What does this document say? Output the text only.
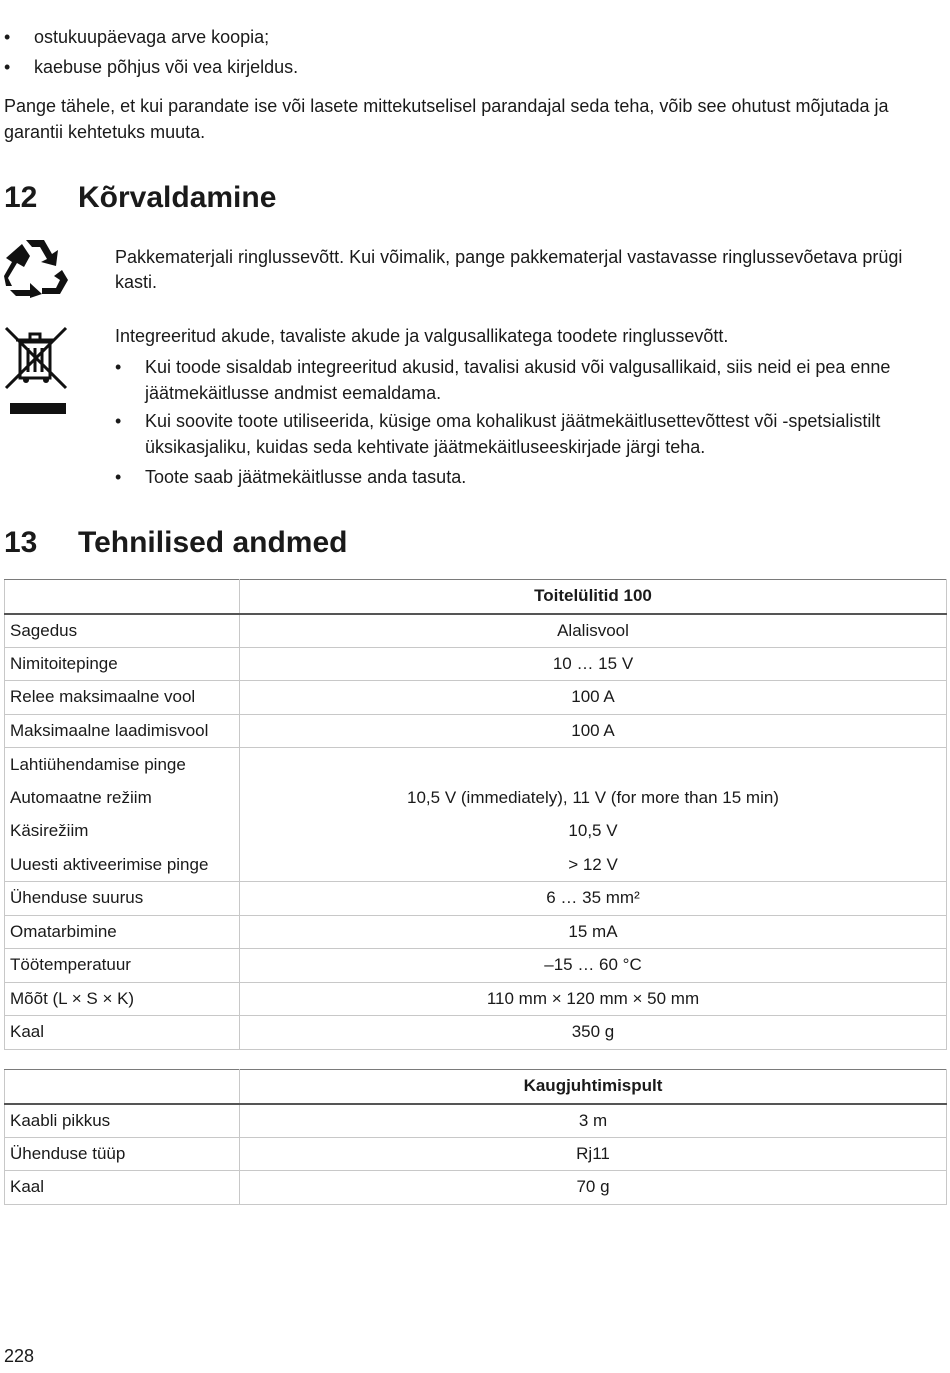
•	ostukuupäevaga arve koopia;
•	kaebuse põhjus või vea kirjeldus.
Pange tähele, et kui parandate ise või lasete mittekutselisel parandajal seda teha, võib see ohutust mõjutada ja garantii kehtetuks muuta.
12 Kõrvaldamine
Pakkematerjali ringlussevõtt. Kui võimalik, pange pakkematerjal vastavasse ringlussevõetava prügi kasti.
Integreeritud akude, tavaliste akude ja valgusallikatega toodete ringlussevõtt.
• Kui toode sisaldab integreeritud akusid, tavalisi akusid või valgusallikaid, siis neid ei pea enne jäätmekäitlusse andmist eemaldama.
• Kui soovite toote utiliseerida, küsige oma kohalikust jäätmekäitlusettevõttest või -spetsialistilt üksikasjaliku, kuidas seda kehtivate jäätmekäitluseeskirjade järgi teha.
• Toote saab jäätmekäitlusse anda tasuta.
13 Tehnilised andmed
	Toitelülitid 100
Sagedus	Alalisvool
Nimitoitepinge	10 … 15 V
Relee maksimaalne vool	100 A
Maksimaalne laadimisvool	100 A
Lahtiühendamise pinge	
Automaatne režiim	10,5 V (immediately), 11 V (for more than 15 min)
Käsirežiim	10,5 V
Uuesti aktiveerimise pinge	> 12 V
Ühenduse suurus	6 … 35 mm²
Omatarbimine	15 mA
Töötemperatuur	–15 … 60 °C
Mõõt (L × S × K)	110 mm × 120 mm × 50 mm
Kaal	350 g
	Kaugjuhtimispult
Kaabli pikkus	3 m
Ühenduse tüüp	Rj11
Kaal	70 g
228
